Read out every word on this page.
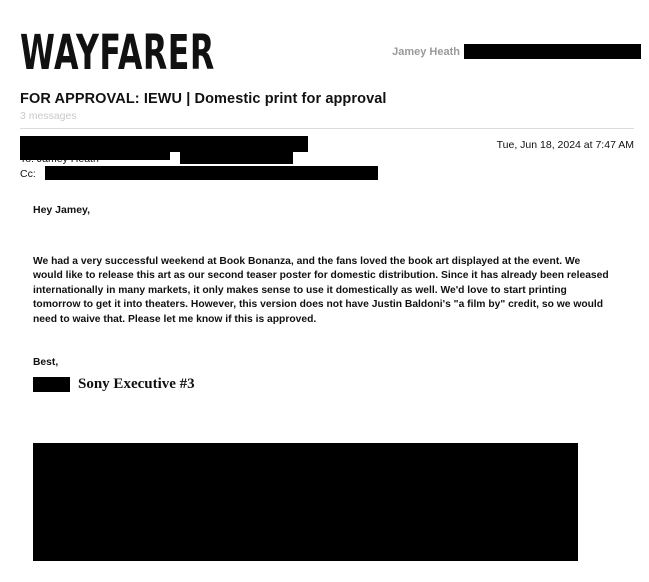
WAYFARER	Jamey Heath
FOR APPROVAL: IEWU | Domestic print for approval
3 messages
Tue, Jun 18, 2024 at 7:47 AM
Cc:
Hey Jamey,
We had a very successful weekend at Book Bonanza, and the fans loved the book art displayed at the event. We would like to release this art as our second teaser poster for domestic distribution. Since it has already been released internationally in many markets, it only makes sense to use it domestically as well. We'd love to start printing tomorrow to get it into theaters. However, this version does not have Justin Baldoni's "a film by" credit, so we would need to waive that. Please let me know if this is approved.
Best,
Sony Executive #3
